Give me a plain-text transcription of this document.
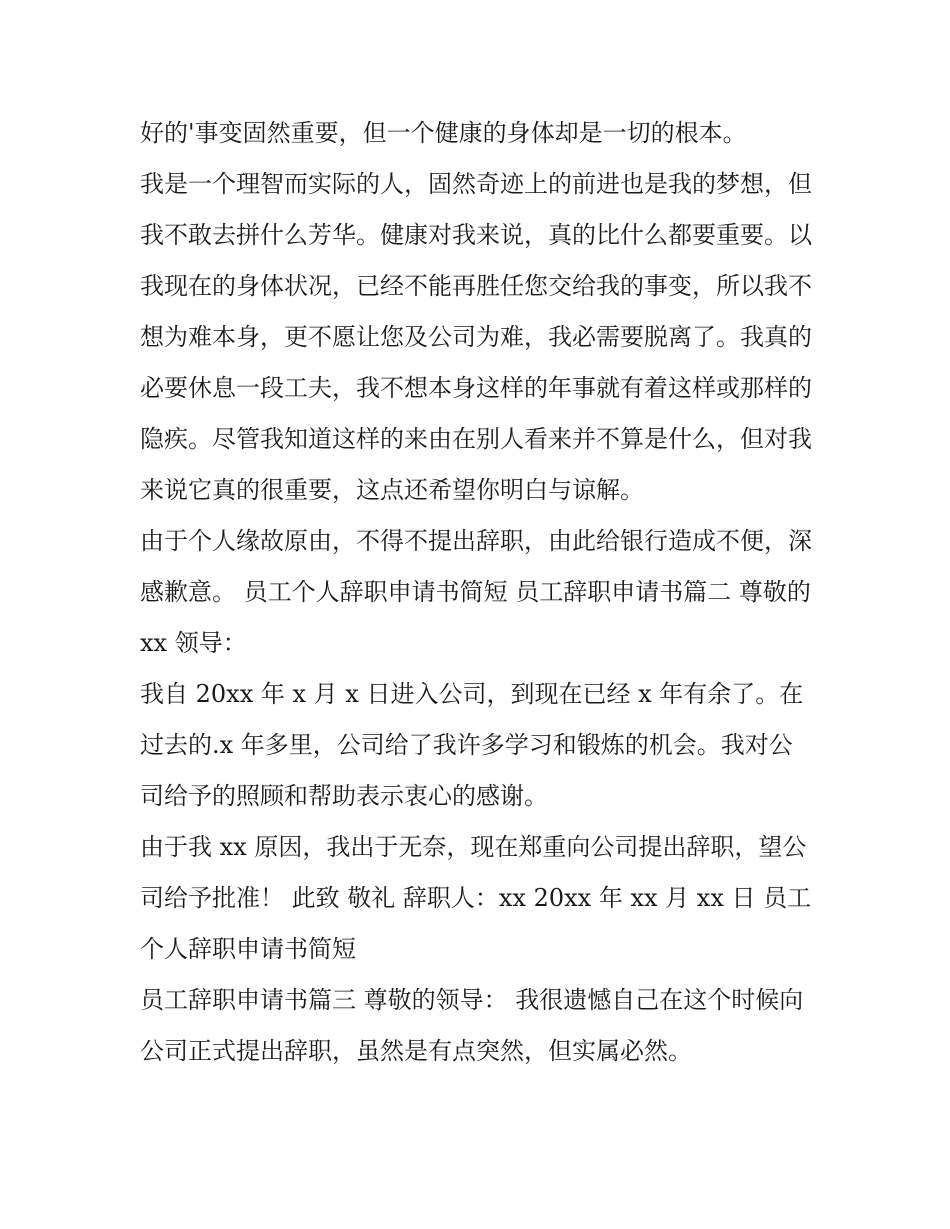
好的'事变固然重要，但一个健康的身体却是一切的根本。

我是一个理智而实际的人，固然奇迹上的前进也是我的梦想，但我不敢去拼什么芳华。健康对我来说，真的比什么都要重要。以我现在的身体状况，已经不能再胜任您交给我的事变，所以我不想为难本身，更不愿让您及公司为难，我必需要脱离了。我真的必要休息一段工夫，我不想本身这样的年事就有着这样或那样的隐疾。尽管我知道这样的来由在别人看来并不算是什么，但对我来说它真的很重要，这点还希望你明白与谅解。

由于个人缘故原由，不得不提出辞职，由此给银行造成不便，深感歉意。 员工个人辞职申请书简短 员工辞职申请书篇二 尊敬的 xx 领导：

我自 20xx 年 x 月 x 日进入公司，到现在已经 x 年有余了。在过去的.x 年多里，公司给了我许多学习和锻炼的机会。我对公司给予的照顾和帮助表示衷心的感谢。

由于我 xx 原因，我出于无奈，现在郑重向公司提出辞职，望公司给予批准！ 此致 敬礼 辞职人：xx 20xx 年 xx 月 xx 日 员工个人辞职申请书简短

员工辞职申请书篇三 尊敬的领导： 我很遗憾自己在这个时候向公司正式提出辞职，虽然是有点突然，但实属必然。
